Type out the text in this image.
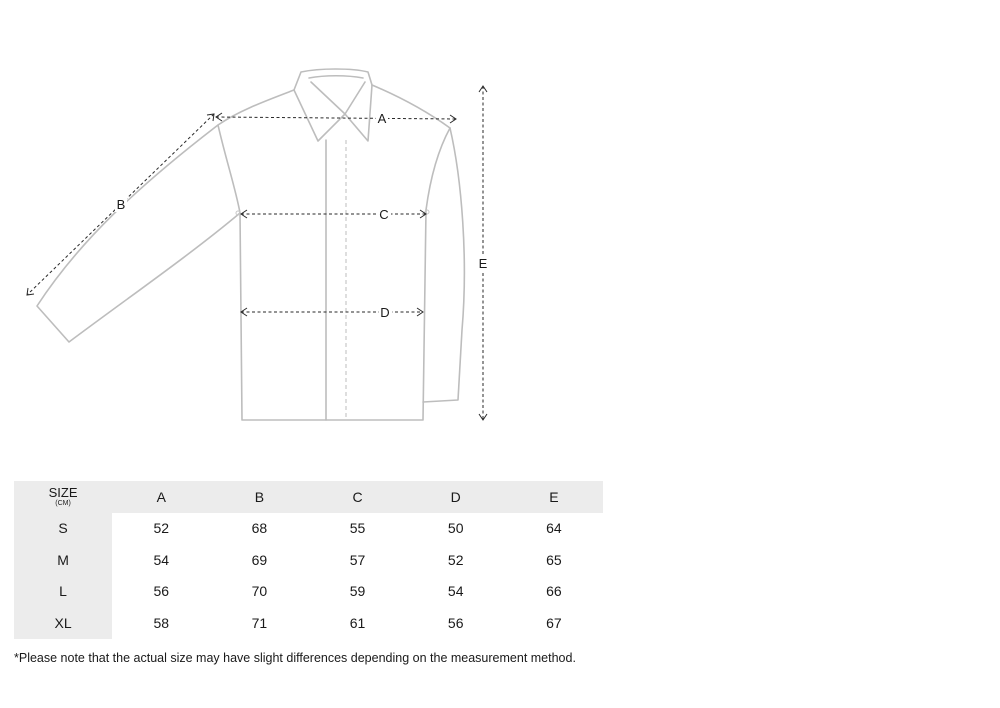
A
B
C
D
E
SIZE
(CM)	A	B	C	D	E
S	52	68	55	50	64
M	54	69	57	52	65
L	56	70	59	54	66
XL	58	71	61	56	67

*Please note that the actual size may have slight differences depending on the measurement method.
